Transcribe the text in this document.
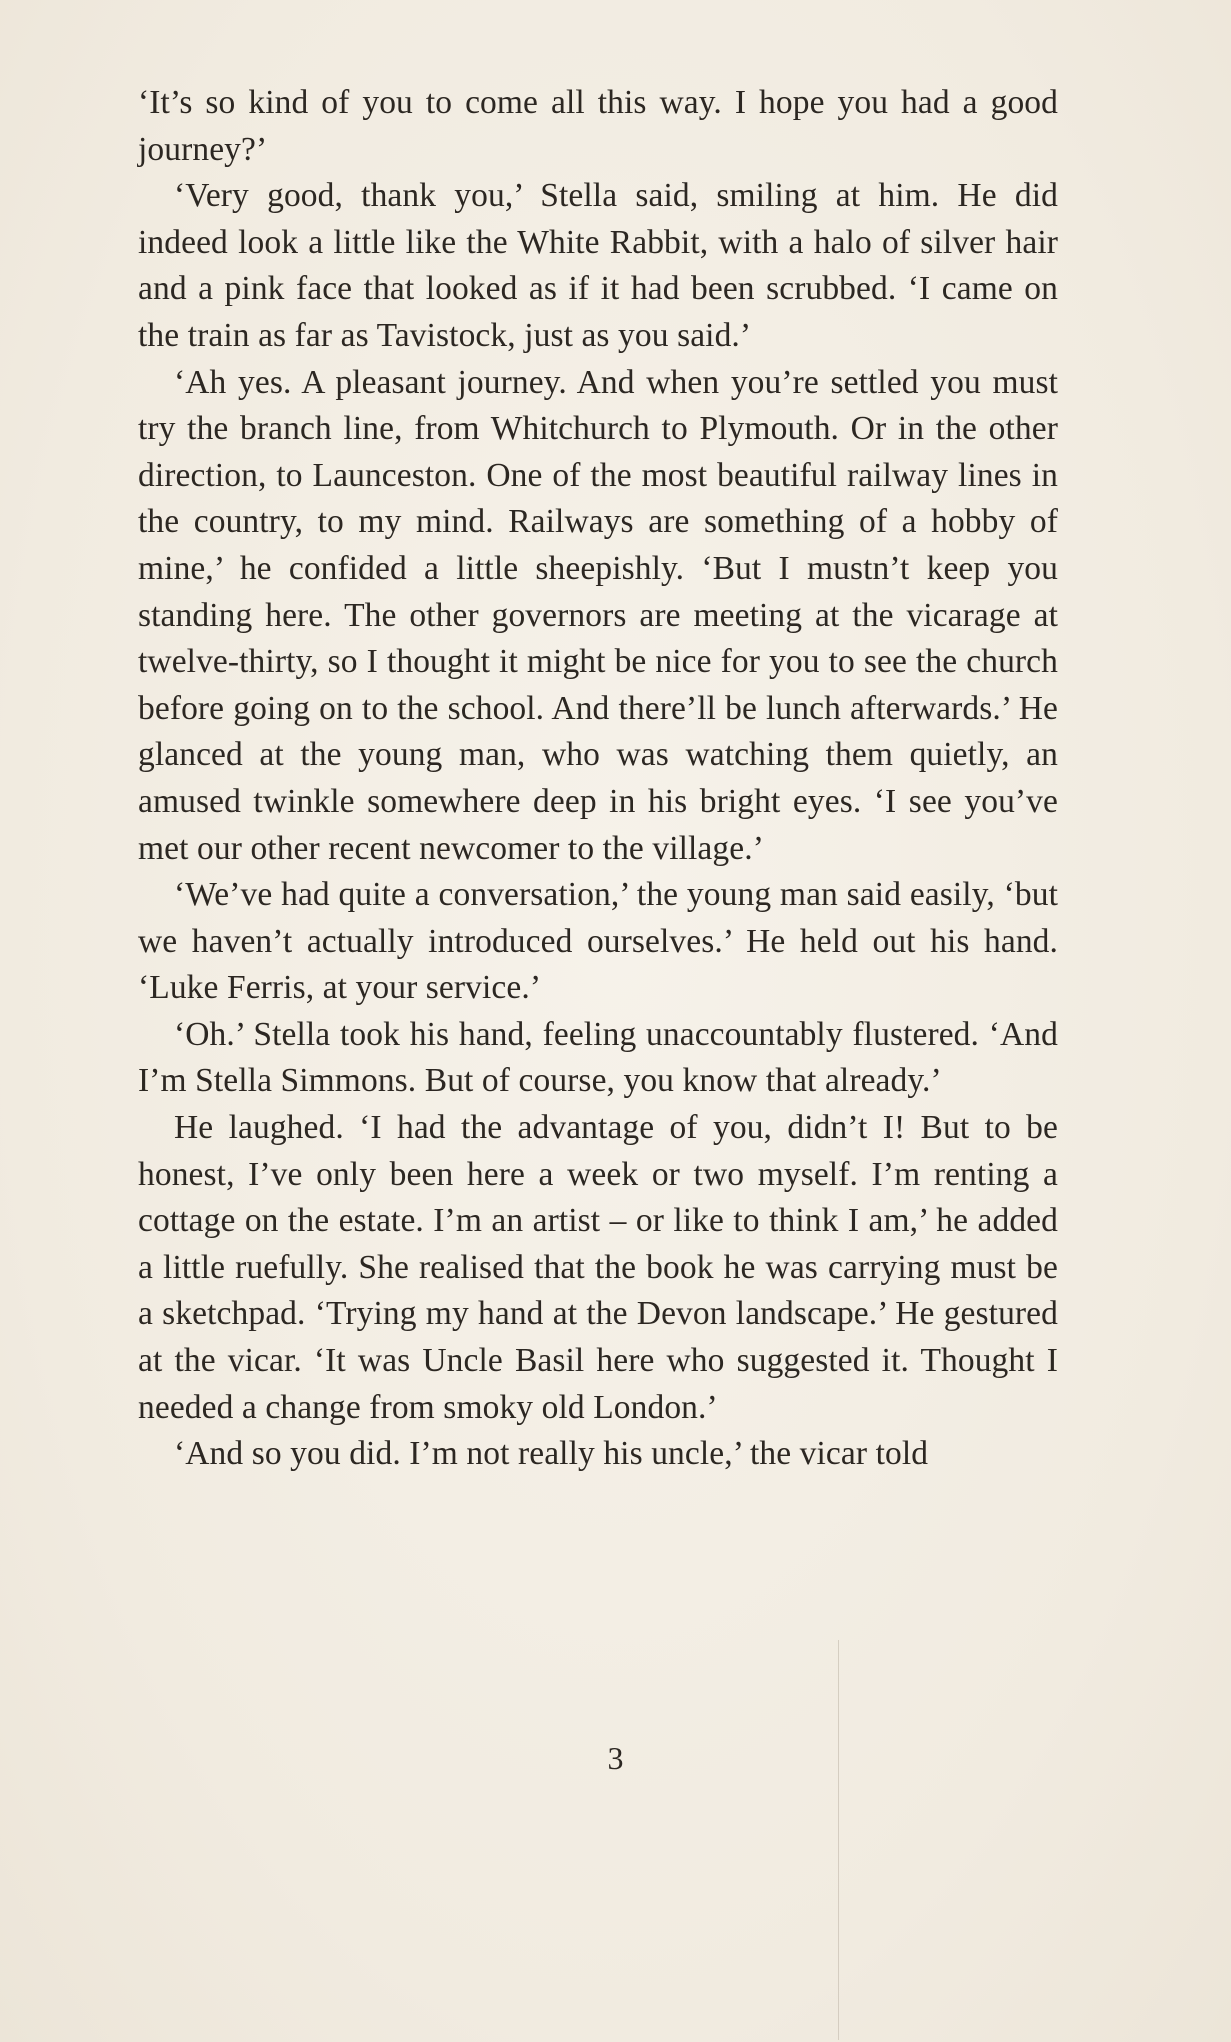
‘It’s so kind of you to come all this way. I hope you had a good journey?’

‘Very good, thank you,’ Stella said, smiling at him. He did indeed look a little like the White Rabbit, with a halo of silver hair and a pink face that looked as if it had been scrubbed. ‘I came on the train as far as Tavistock, just as you said.’

‘Ah yes. A pleasant journey. And when you’re settled you must try the branch line, from Whitchurch to Plymouth. Or in the other direction, to Launceston. One of the most beautiful railway lines in the country, to my mind. Railways are something of a hobby of mine,’ he confided a little sheepishly. ‘But I mustn’t keep you standing here. The other governors are meeting at the vicarage at twelve-thirty, so I thought it might be nice for you to see the church before going on to the school. And there’ll be lunch afterwards.’ He glanced at the young man, who was watching them quietly, an amused twinkle somewhere deep in his bright eyes. ‘I see you’ve met our other recent newcomer to the village.’

‘We’ve had quite a conversation,’ the young man said easily, ‘but we haven’t actually introduced ourselves.’ He held out his hand. ‘Luke Ferris, at your service.’

‘Oh.’ Stella took his hand, feeling unaccountably flustered. ‘And I’m Stella Simmons. But of course, you know that already.’

He laughed. ‘I had the advantage of you, didn’t I! But to be honest, I’ve only been here a week or two myself. I’m renting a cottage on the estate. I’m an artist – or like to think I am,’ he added a little ruefully. She realised that the book he was carrying must be a sketchpad. ‘Trying my hand at the Devon landscape.’ He gestured at the vicar. ‘It was Uncle Basil here who suggested it. Thought I needed a change from smoky old London.’

‘And so you did. I’m not really his uncle,’ the vicar told

3
